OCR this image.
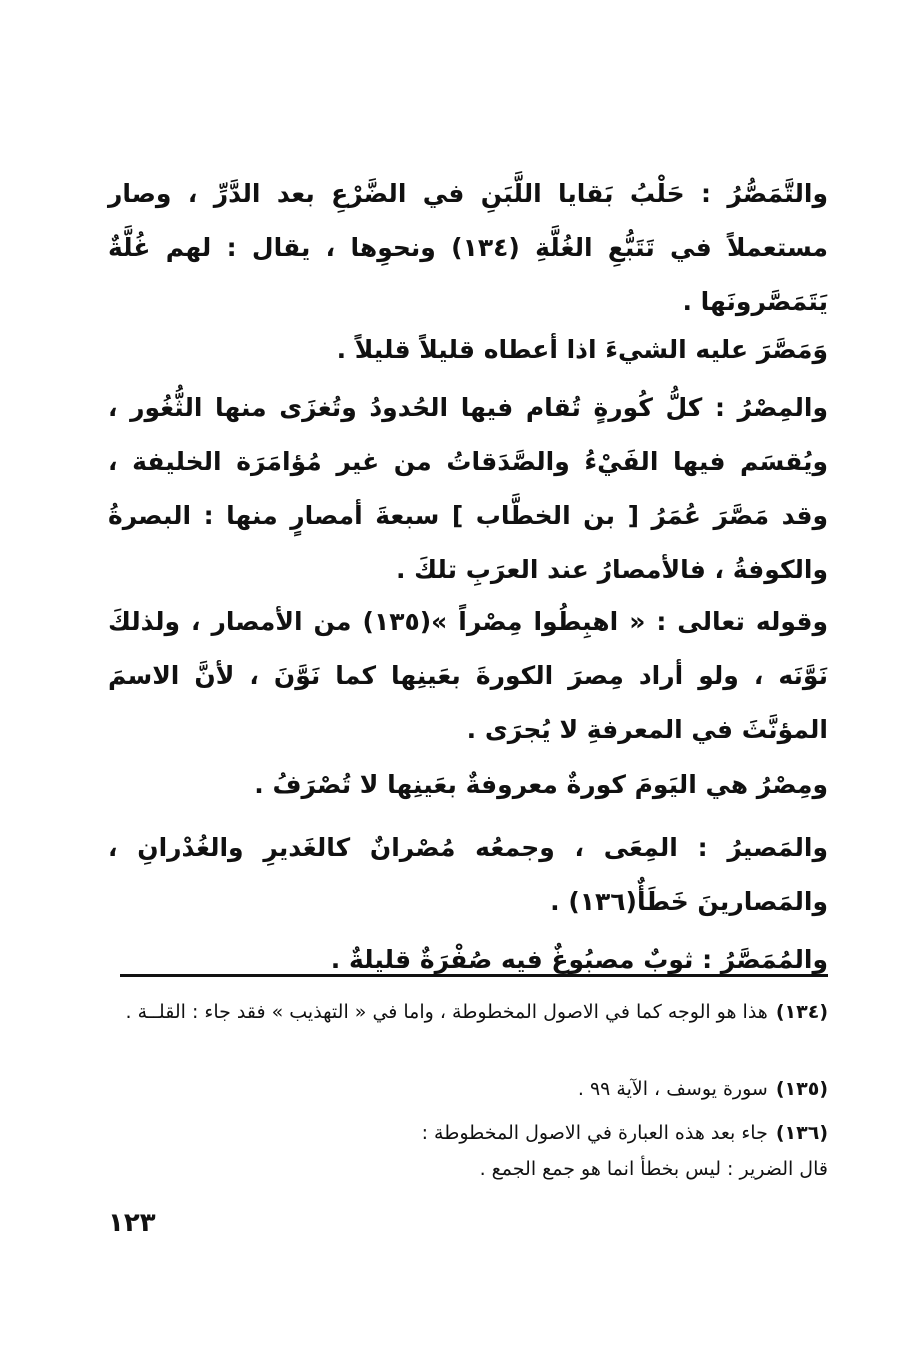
والتَّمَصُّرُ : حَلْبُ بَقايا اللَّبَنِ في الضَّرْعِ بعد الدَّرِّ ، وصار مستعملاً في تَتَبُّعِ الغُلَّةِ (١٣٤) ونحوِها ، يقال : لهم غُلَّةٌ يَتَمَصَّرونَها .

وَمَصَّرَ عليه الشيءَ اذا أعطاه قليلاً قليلاً .

والمِصْرُ : كلُّ كُورةٍ تُقام فيها الحُدودُ وتُغزَى منها الثُّغُور ، ويُقسَم فيها الفَيْءُ والصَّدَقاتُ من غير مُؤامَرَة الخليفة ، وقد مَصَّرَ عُمَرُ [ بن الخطَّاب ] سبعةَ أمصارٍ منها : البصرةُ والكوفةُ ، فالأمصارُ عند العرَبِ تلكَ .

وقوله تعالى : « اهبِطُوا مِصْراً »(١٣٥) من الأمصار ، ولذلكَ نَوَّنَه ، ولو أراد مِصرَ الكورةَ بعَينِها كما نَوَّنَ ، لأنَّ الاسمَ المؤنَّثَ في المعرفةِ لا يُجرَى .

ومِصْرُ هي اليَومَ كورةٌ معروفةٌ بعَينِها لا تُصْرَفُ .

والمَصيرُ : المِعَى ، وجمعُه مُصْرانٌ كالغَديرِ والغُدْرانِ ، والمَصارينَ خَطَأٌ(١٣٦) .

والمُمَصَّرُ : ثوبٌ مصبُوغٌ فيه صُفْرَةٌ قليلةٌ .

(١٣٤)هذا هو الوجه كما في الاصول المخطوطة ، واما في « التهذيب » فقد جاء : القلــة .
(١٣٥)سورة يوسف ، الآية ٩٩ .
(١٣٦)جاء بعد هذه العبارة في الاصول المخطوطة :
قال الضرير : ليس بخطأ انما هو جمع الجمع .
١٢٣
